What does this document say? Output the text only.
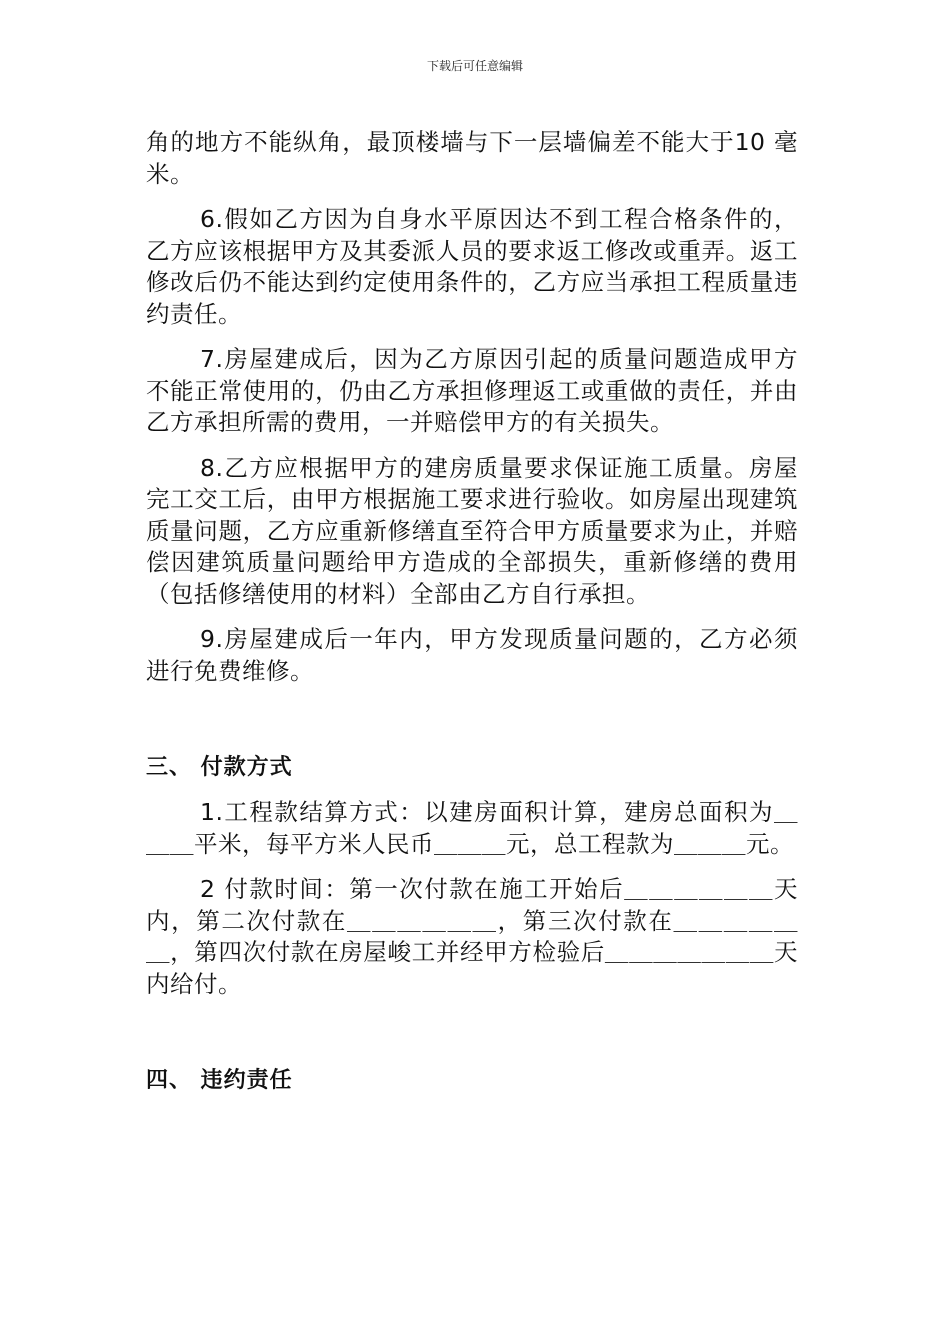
下载后可任意编辑

角的地方不能纵角，最顶楼墙与下一层墙偏差不能大于10 毫米。

6.假如乙方因为自身水平原因达不到工程合格条件的，乙方应该根据甲方及其委派人员的要求返工修改或重弄。返工修改后仍不能达到约定使用条件的，乙方应当承担工程质量违约责任。

7.房屋建成后，因为乙方原因引起的质量问题造成甲方不能正常使用的，仍由乙方承担修理返工或重做的责任，并由乙方承担所需的费用，一并赔偿甲方的有关损失。

8.乙方应根据甲方的建房质量要求保证施工质量。房屋完工交工后，由甲方根据施工要求进行验收。如房屋出现建筑质量问题，乙方应重新修缮直至符合甲方质量要求为止，并赔偿因建筑质量问题给甲方造成的全部损失，重新修缮的费用（包括修缮使用的材料）全部由乙方自行承担。

9.房屋建成后一年内，甲方发现质量问题的，乙方必须进行免费维修。

三、 付款方式

1.工程款结算方式：以建房面积计算，建房总面积为＿＿＿平米，每平方米人民币＿＿＿元，总工程款为＿＿＿元。

2 付款时间：第一次付款在施工开始后＿＿＿＿＿＿天内，第二次付款在＿＿＿＿＿＿，第三次付款在＿＿＿＿＿＿，第四次付款在房屋峻工并经甲方检验后＿＿＿＿＿＿＿天内给付。

四、 违约责任
